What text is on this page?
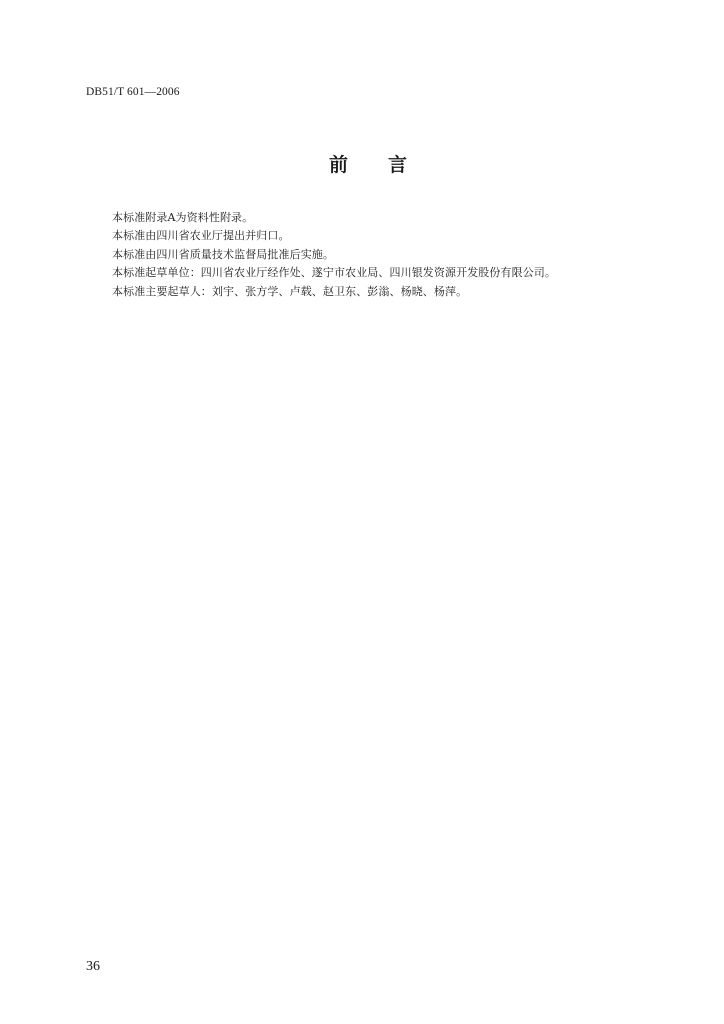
DB51/T 601—2006
前 言
本标准附录A为资料性附录。
本标准由四川省农业厅提出并归口。
本标准由四川省质量技术监督局批准后实施。
本标准起草单位：四川省农业厅经作处、遂宁市农业局、四川银发资源开发股份有限公司。
本标准主要起草人：刘宇、张方学、卢载、赵卫东、彭滃、杨晓、杨萍。
36
